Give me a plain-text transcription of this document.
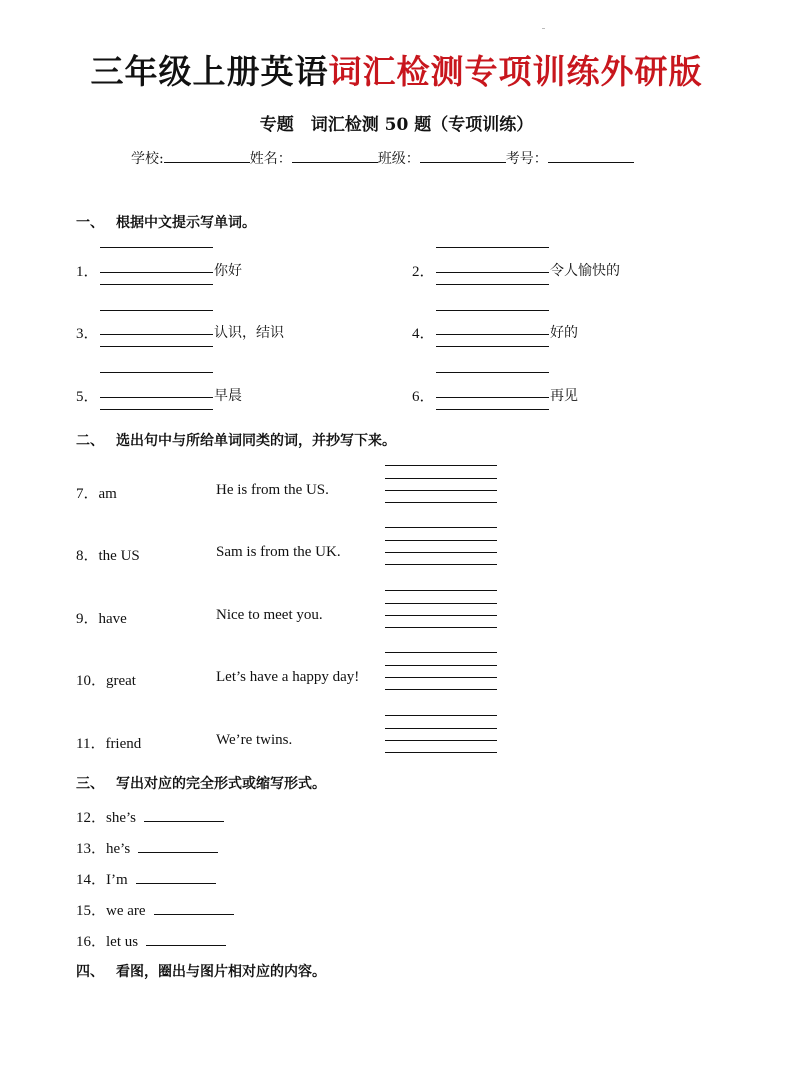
三年级上册英语词汇检测专项训练外研版
专题　词汇检测 50 题（专项训练）
学校:	姓名：	班级：	考号：
一、 根据中文提示写单词。
1．	你好	2．	令人愉快的
3．	认识，结识	4．	好的
5．	早晨	6．	再见
二、 选出句中与所给单词同类的词，并抄写下来。
7．am	He is from the US.
8．the US	Sam is from the UK.
9．have	Nice to meet you.
10．great	Let’s have a happy day!
11．friend	We’re twins.
三、 写出对应的完全形式或缩写形式。
12．she’s
13．he’s
14．I’m
15．we are
16．let us
四、 看图，圈出与图片相对应的内容。
